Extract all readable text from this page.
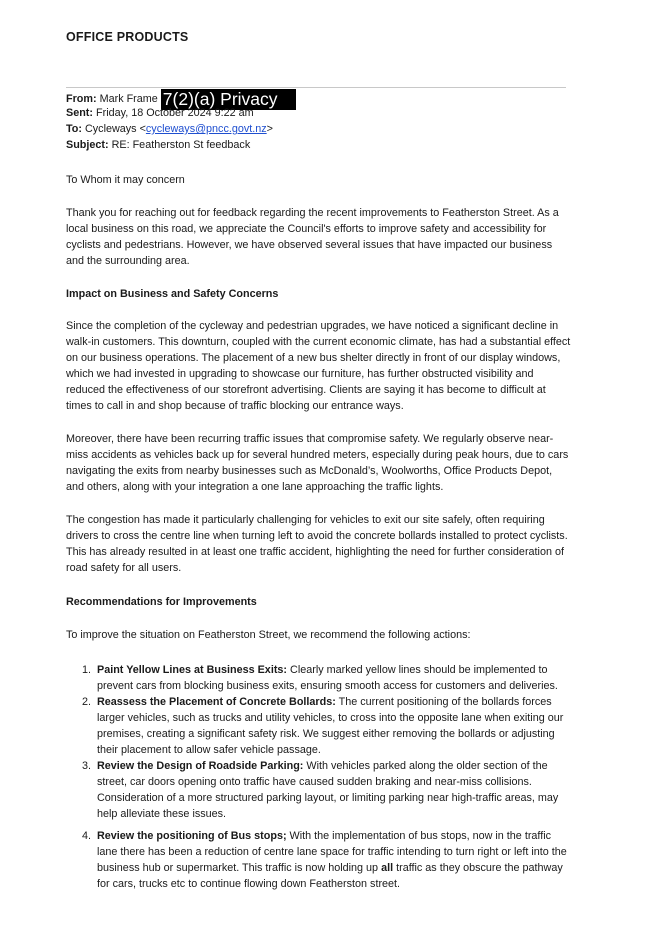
OFFICE PRODUCTS
From: Mark Frame 7(2)(a) Privacy
Sent: Friday, 18 October 2024 9:22 am
To: Cycleways <cycleways@pncc.govt.nz>
Subject: RE: Featherston St feedback

To Whom it may concern

Thank you for reaching out for feedback regarding the recent improvements to Featherston Street. As a local business on this road, we appreciate the Council's efforts to improve safety and accessibility for cyclists and pedestrians. However, we have observed several issues that have impacted our business and the surrounding area.

Impact on Business and Safety Concerns

Since the completion of the cycleway and pedestrian upgrades, we have noticed a significant decline in walk-in customers. This downturn, coupled with the current economic climate, has had a substantial effect on our business operations. The placement of a new bus shelter directly in front of our display windows, which we had invested in upgrading to showcase our furniture, has further obstructed visibility and reduced the effectiveness of our storefront advertising. Clients are saying it has become to difficult at times to call in and shop because of traffic blocking our entrance ways.

Moreover, there have been recurring traffic issues that compromise safety. We regularly observe near-miss accidents as vehicles back up for several hundred meters, especially during peak hours, due to cars navigating the exits from nearby businesses such as McDonald’s, Woolworths, Office Products Depot, and others, along with your integration a one lane approaching the traffic lights.

The congestion has made it particularly challenging for vehicles to exit our site safely, often requiring drivers to cross the centre line when turning left to avoid the concrete bollards installed to protect cyclists. This has already resulted in at least one traffic accident, highlighting the need for further consideration of road safety for all users.

Recommendations for Improvements

To improve the situation on Featherston Street, we recommend the following actions:

1. Paint Yellow Lines at Business Exits: Clearly marked yellow lines should be implemented to prevent cars from blocking business exits, ensuring smooth access for customers and deliveries.
2. Reassess the Placement of Concrete Bollards: The current positioning of the bollards forces larger vehicles, such as trucks and utility vehicles, to cross into the opposite lane when exiting our premises, creating a significant safety risk. We suggest either removing the bollards or adjusting their placement to allow safer vehicle passage.
3. Review the Design of Roadside Parking: With vehicles parked along the older section of the street, car doors opening onto traffic have caused sudden braking and near-miss collisions. Consideration of a more structured parking layout, or limiting parking near high-traffic areas, may help alleviate these issues.
4. Review the positioning of Bus stops; With the implementation of bus stops, now in the traffic lane there has been a reduction of centre lane space for traffic intending to turn right or left into the business hub or supermarket. This traffic is now holding up all traffic as they obscure the pathway for cars, trucks etc to continue flowing down Featherston street.
